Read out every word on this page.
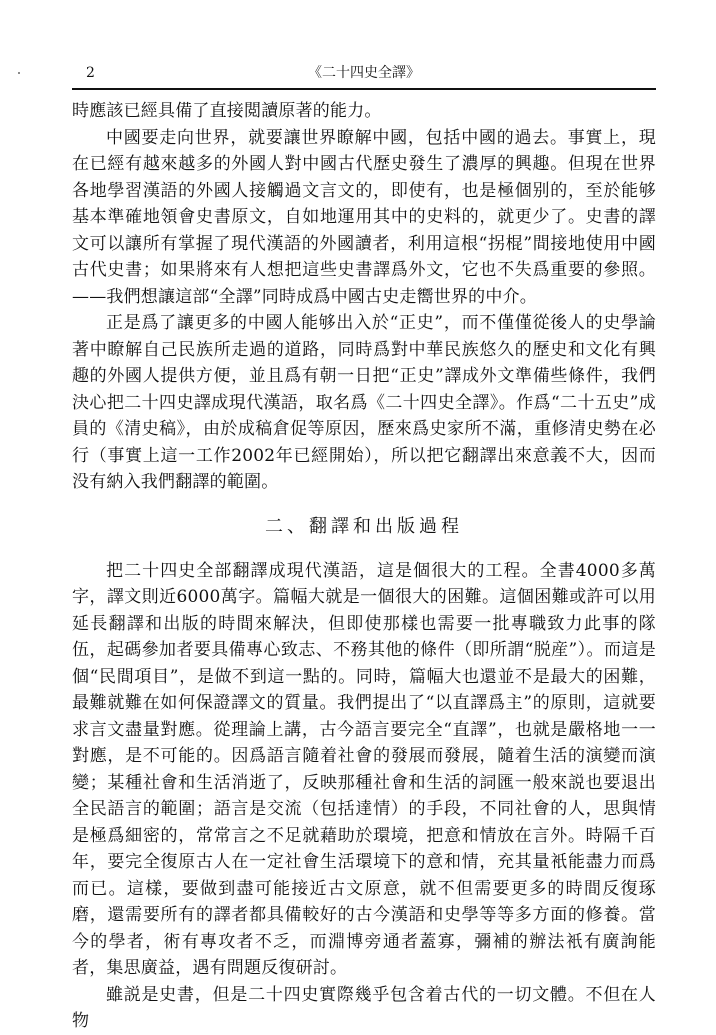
2	《二十四史全譯》

時應該已經具備了直接閲讀原著的能力。

中國要走向世界，就要讓世界瞭解中國，包括中國的過去。事實上，現在已經有越來越多的外國人對中國古代歷史發生了濃厚的興趣。但現在世界各地學習漢語的外國人接觸過文言文的，即使有，也是極個别的，至於能够基本準確地領會史書原文，自如地運用其中的史料的，就更少了。史書的譯文可以讓所有掌握了現代漢語的外國讀者，利用這根“拐棍”間接地使用中國古代史書；如果將來有人想把這些史書譯爲外文，它也不失爲重要的參照。——我們想讓這部“全譯”同時成爲中國古史走嚮世界的中介。

正是爲了讓更多的中國人能够出入於“正史”，而不僅僅從後人的史學論著中瞭解自己民族所走過的道路，同時爲對中華民族悠久的歷史和文化有興趣的外國人提供方便，並且爲有朝一日把“正史”譯成外文準備些條件，我們決心把二十四史譯成現代漢語，取名爲《二十四史全譯》。作爲“二十五史”成員的《清史稿》，由於成稿倉促等原因，歷來爲史家所不滿，重修清史勢在必行（事實上這一工作2002年已經開始），所以把它翻譯出來意義不大，因而没有納入我們翻譯的範圍。

二、翻譯和出版過程

把二十四史全部翻譯成現代漢語，這是個很大的工程。全書4000多萬字，譯文則近6000萬字。篇幅大就是一個很大的困難。這個困難或許可以用延長翻譯和出版的時間來解決，但即使那樣也需要一批專職致力此事的隊伍，起碼參加者要具備專心致志、不務其他的條件（即所謂“脱産”）。而這是個“民間項目”，是做不到這一點的。同時，篇幅大也還並不是最大的困難，最難就難在如何保證譯文的質量。我們提出了“以直譯爲主”的原則，這就要求言文盡量對應。從理論上講，古今語言要完全“直譯”，也就是嚴格地一一對應，是不可能的。因爲語言隨着社會的發展而發展，隨着生活的演變而演變；某種社會和生活消逝了，反映那種社會和生活的詞匯一般來説也要退出全民語言的範圍；語言是交流（包括達情）的手段，不同社會的人，思與情是極爲細密的，常常言之不足就藉助於環境，把意和情放在言外。時隔千百年，要完全復原古人在一定社會生活環境下的意和情，充其量衹能盡力而爲而已。這樣，要做到盡可能接近古文原意，就不但需要更多的時間反復琢磨，還需要所有的譯者都具備較好的古今漢語和史學等等多方面的修養。當今的學者，術有專攻者不乏，而淵博旁通者蓋寡，彌補的辦法衹有廣詢能者，集思廣益，遇有問題反復研討。

雖説是史書，但是二十四史實際幾乎包含着古代的一切文體。不但在人物
